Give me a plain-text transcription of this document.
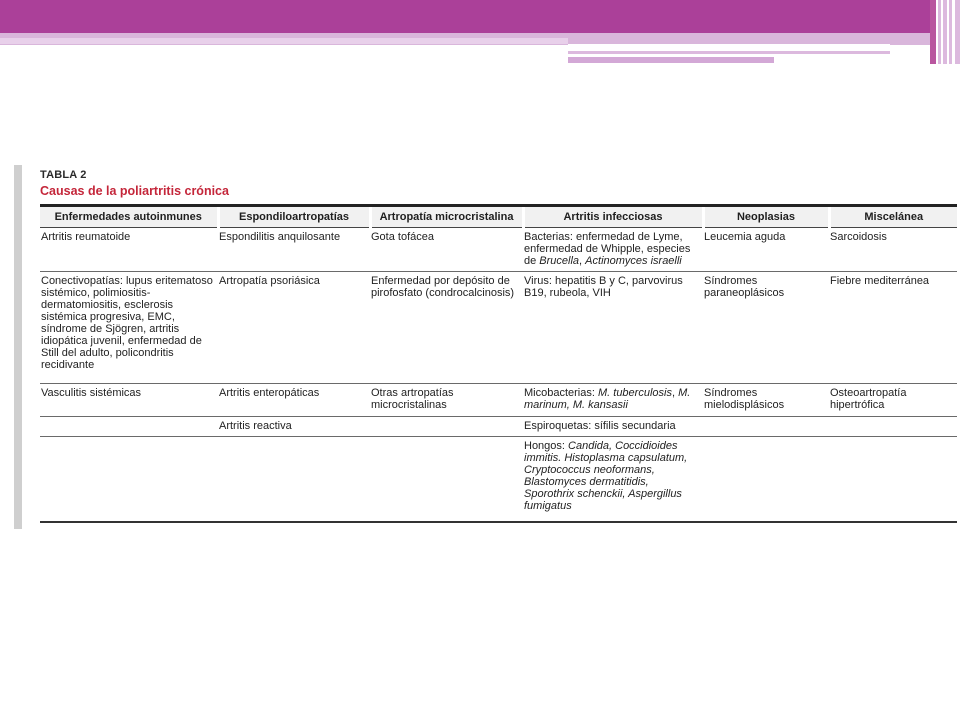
TABLA 2

Causas de la poliartritis crónica

Enfermedades autoinmunes	Espondiloartropatías	Artropatía microcristalina	Artritis infecciosas	Neoplasias	Miscelánea
Artritis reumatoide	Espondilitis anquilosante	Gota tofácea	Bacterias: enfermedad de Lyme, enfermedad de Whipple, especies de Brucella, Actinomyces israelli	Leucemia aguda	Sarcoidosis
Conectivopatías: lupus eritematoso sistémico, polimiositis-dermatomiositis, esclerosis sistémica progresiva, EMC, síndrome de Sjögren, artritis idiopática juvenil, enfermedad de Still del adulto, policondritis recidivante	Artropatía psoriásica	Enfermedad por depósito de pirofosfato (condrocalcinosis)	Virus: hepatitis B y C, parvovirus B19, rubeola, VIH	Síndromes paraneoplásicos	Fiebre mediterránea
Vasculitis sistémicas	Artritis enteropáticas	Otras artropatías microcristalinas	Micobacterias: M. tuberculosis, M. marinum, M. kansasii	Síndromes mielodisplásicos	Osteoartropatía hipertrófica
	Artritis reactiva		Espiroquetas: sífilis secundaria		
			Hongos: Candida, Coccidioides immitis. Histoplasma capsulatum, Cryptococcus neoformans, Blastomyces dermatitidis, Sporothrix schenckii, Aspergillus fumigatus		
